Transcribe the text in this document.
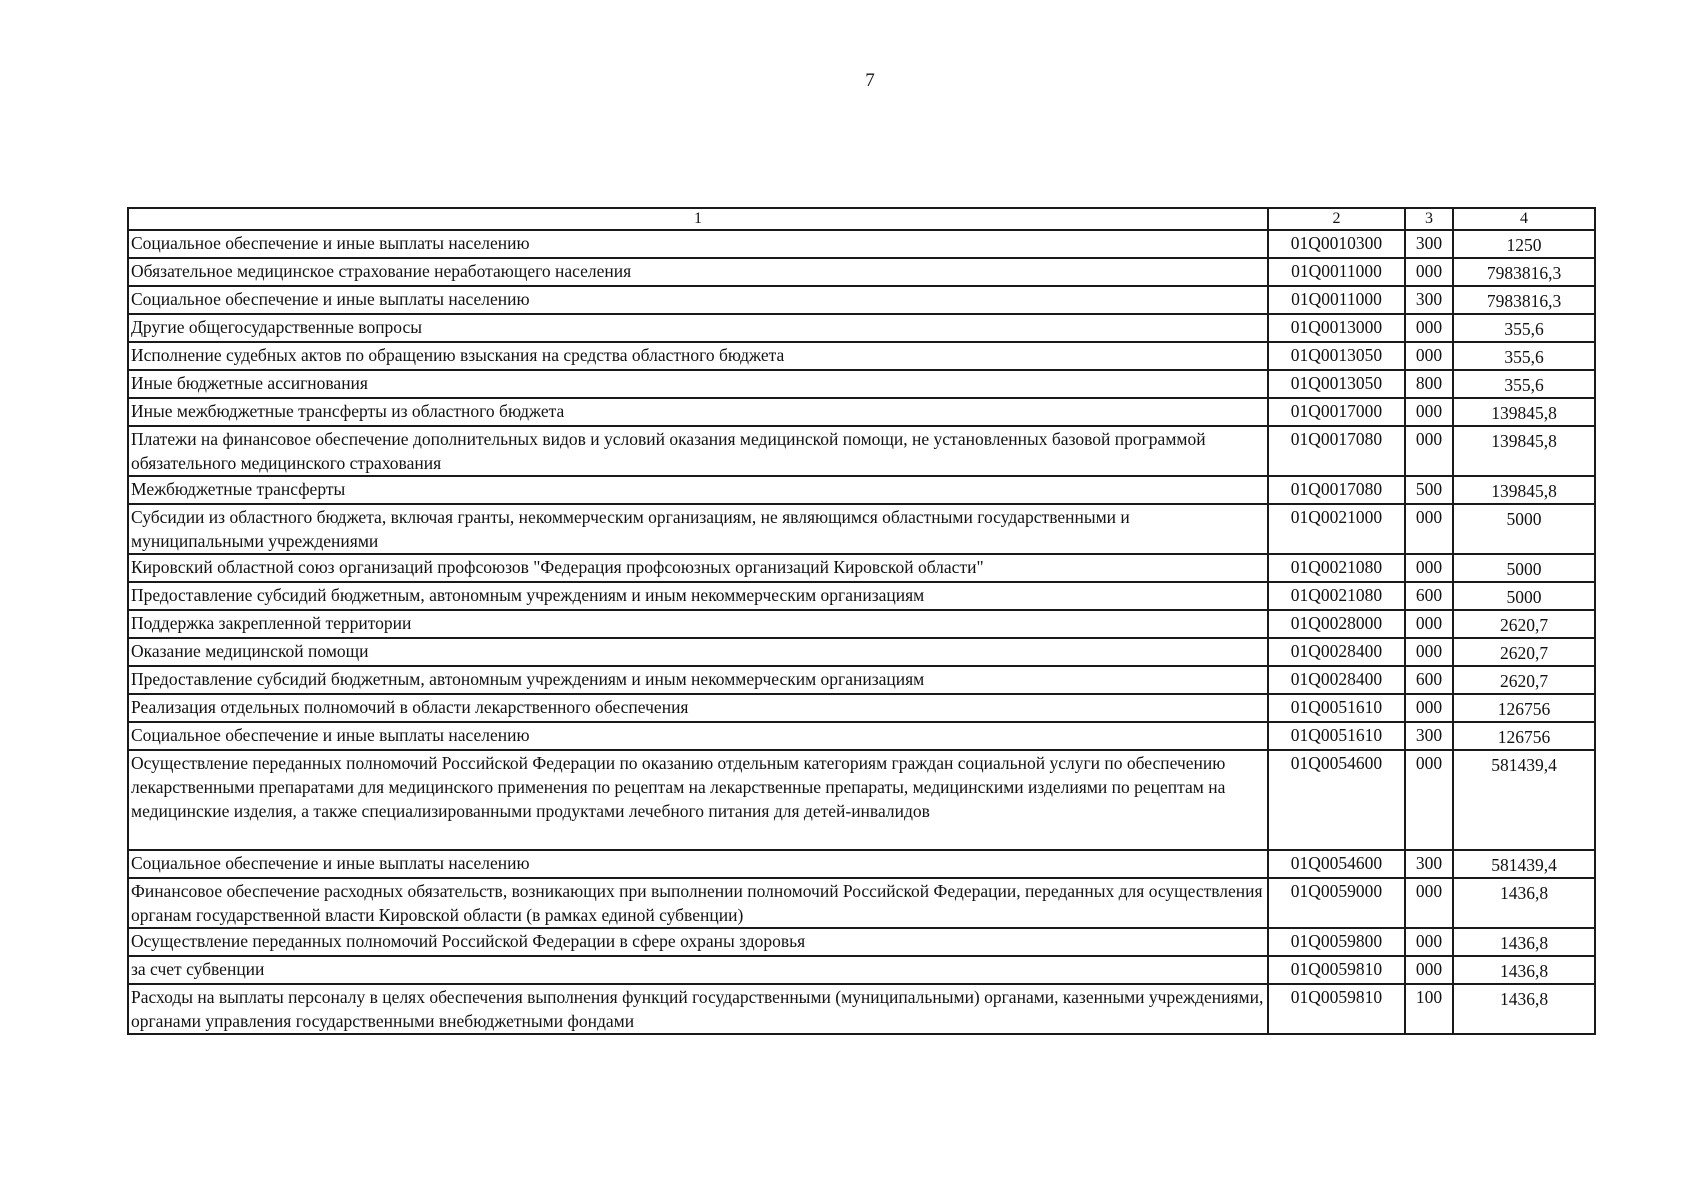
7
1	2	3	4
Социальное обеспечение и иные выплаты населению	01Q0010300	300	1250
Обязательное медицинское страхование неработающего населения	01Q0011000	000	7983816,3
Социальное обеспечение и иные выплаты населению	01Q0011000	300	7983816,3
Другие общегосударственные вопросы	01Q0013000	000	355,6
Исполнение судебных актов по обращению взыскания на средства областного бюджета	01Q0013050	000	355,6
Иные бюджетные ассигнования	01Q0013050	800	355,6
Иные межбюджетные трансферты из областного бюджета	01Q0017000	000	139845,8
Платежи на финансовое обеспечение дополнительных видов и условий оказания медицинской помощи, не установленных базовой программой обязательного медицинского страхования	01Q0017080	000	139845,8
Межбюджетные трансферты	01Q0017080	500	139845,8
Субсидии из областного бюджета, включая гранты, некоммерческим организациям, не являющимся областными государственными и муниципальными учреждениями	01Q0021000	000	5000
Кировский областной союз организаций профсоюзов "Федерация профсоюзных организаций Кировской области"	01Q0021080	000	5000
Предоставление субсидий бюджетным, автономным учреждениям и иным некоммерческим организациям	01Q0021080	600	5000
Поддержка закрепленной территории	01Q0028000	000	2620,7
Оказание медицинской помощи	01Q0028400	000	2620,7
Предоставление субсидий бюджетным, автономным учреждениям и иным некоммерческим организациям	01Q0028400	600	2620,7
Реализация отдельных полномочий в области лекарственного обеспечения	01Q0051610	000	126756
Социальное обеспечение и иные выплаты населению	01Q0051610	300	126756
Осуществление переданных полномочий Российской Федерации по оказанию отдельным категориям граждан социальной услуги по обеспечению лекарственными препаратами для медицинского применения по рецептам на лекарственные препараты, медицинскими изделиями по рецептам на медицинские изделия, а также специализированными продуктами лечебного питания для детей-инвалидов	01Q0054600	000	581439,4
Социальное обеспечение и иные выплаты населению	01Q0054600	300	581439,4
Финансовое обеспечение расходных обязательств, возникающих при выполнении полномочий Российской Федерации, переданных для осуществления органам государственной власти Кировской области (в рамках единой субвенции)	01Q0059000	000	1436,8
Осуществление переданных полномочий Российской Федерации в сфере охраны здоровья	01Q0059800	000	1436,8
за счет субвенции	01Q0059810	000	1436,8
Расходы на выплаты персоналу в целях обеспечения выполнения функций государственными (муниципальными) органами, казенными учреждениями, органами управления государственными внебюджетными фондами	01Q0059810	100	1436,8
